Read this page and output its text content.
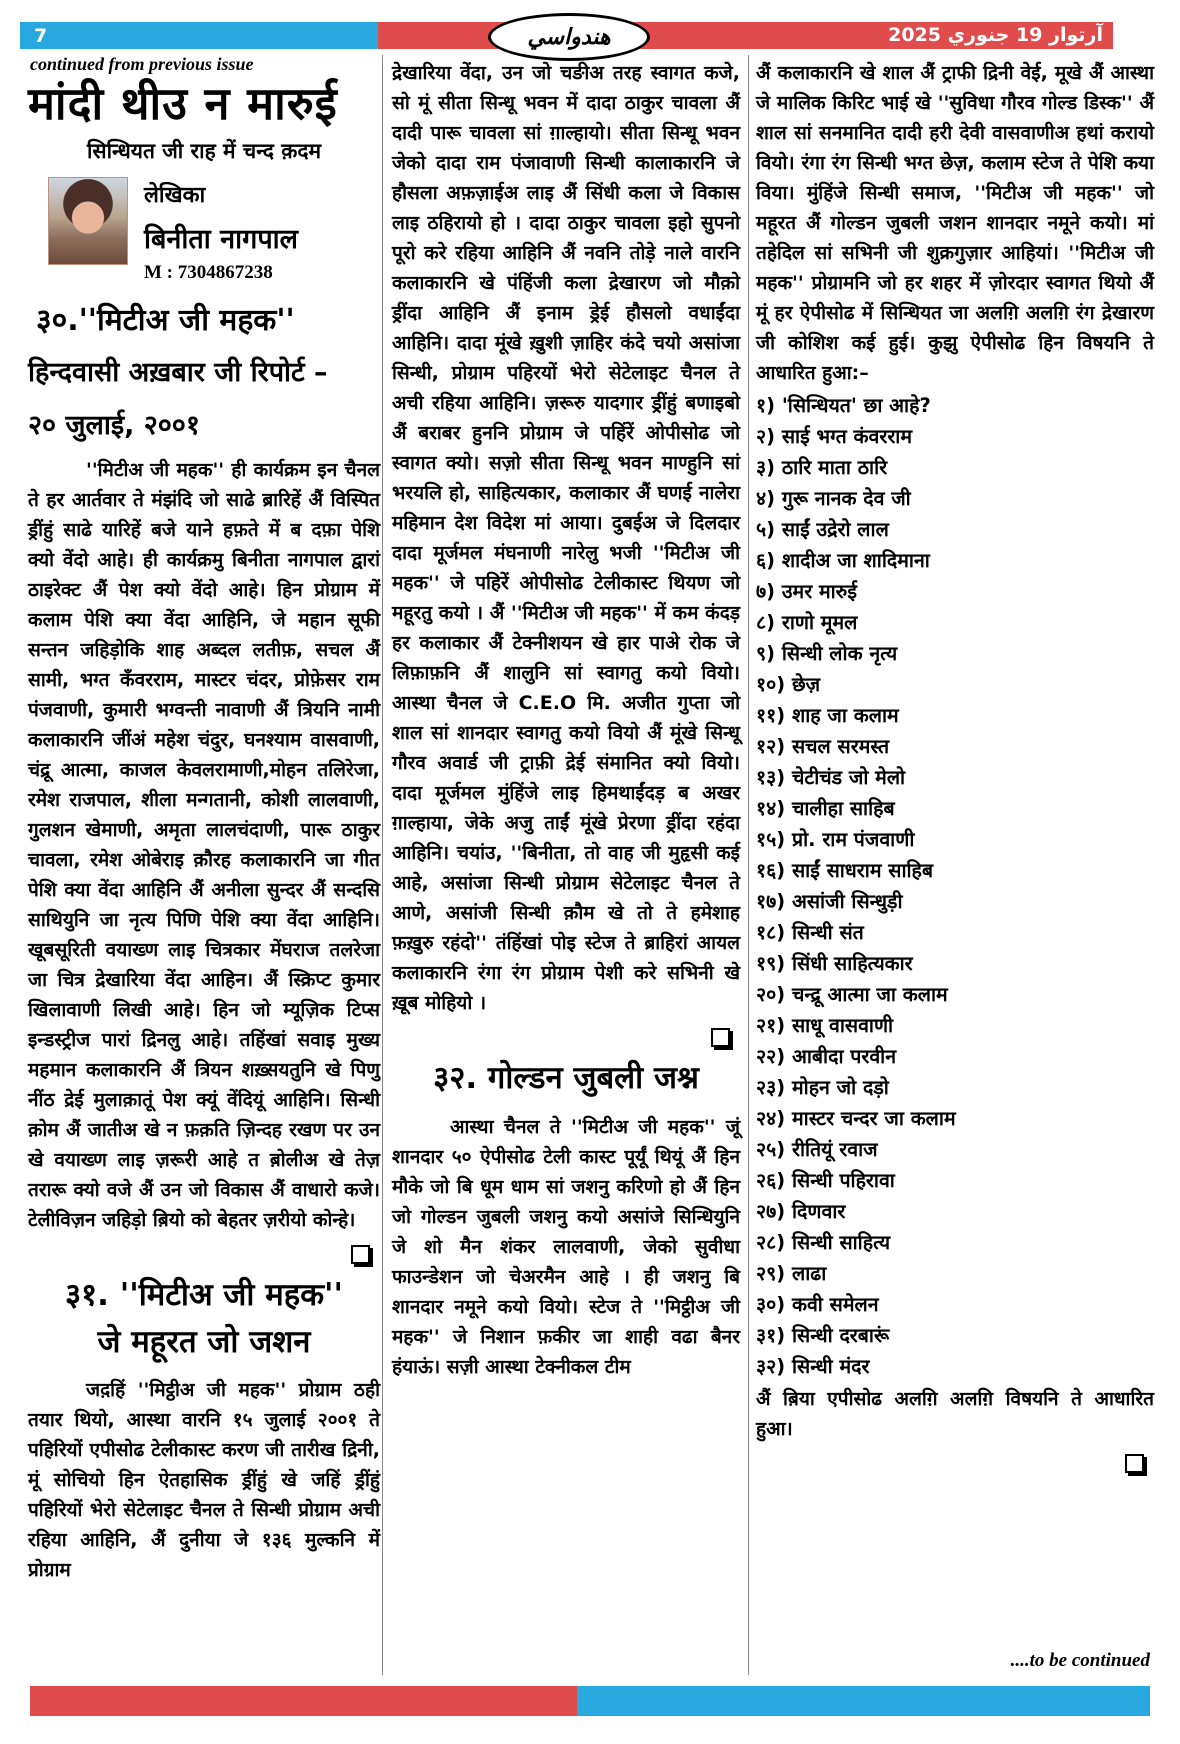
7	آرتوار 19 جنوري 2025
هندواسي
continued from previous issue
मांदी थीउ न मारुई
सिन्धियत जी राह में चन्द क़दम
लेखिका
बिनीता नागपाल
M : 7304867238
३०.''मिटीअ जी महक''
हिन्दवासी अख़बार जी रिपोर्ट –
२० जुलाई, २००१
''मिटीअ जी महक'' ही कार्यक्रम इन चैनल ते हर आर्तवार ते मंझंदि जो साढे ब्रारिहें अैं विस्पित ड्रींहुं साढे यारिहें बजे याने हफ़ते में ब दफ़ा पेशि क्यो वेंदो आहे। ही कार्यक्रमु बिनीता नागपाल द्वारां ठाइरेक्ट अैं पेश क्यो वेंदो आहे। हिन प्रोग्राम में कलाम पेशि क्या वेंदा आहिनि, जे महान सूफी सन्तन जहिड़ोकि शाह अब्दल लतीफ़, सचल अैं सामी, भग्त कॅंवरराम, मास्टर चंदर, प्रोफ़ेसर राम पंजवाणी, कुमारी भग्वन्ती नावाणी अैं त्रियनि नामी कलाकारनि जींअं महेश चंदुर, घनश्याम वासवाणी, चंद्रू आत्मा, काजल केवलरामाणी,मोहन तलिरेजा, रमेश राजपाल, शीला मन्गतानी, कोशी लालवाणी, गुलशन खेमाणी, अमृता लालचंदाणी, पारू ठाकुर चावला, रमेश ओबेराइ क़ौरह कलाकारनि जा गीत पेशि क्या वेंदा आहिनि अैं अनीला सुन्दर अैं सन्दसि साथियुनि जा नृत्य पिणि पेशि क्या वेंदा आहिनि। खूबसूरिती वयाख्ण लाइ चित्रकार मेंघराज तलरेजा जा चित्र द्रेखारिया वेंदा आहिन। अैं स्क्रिप्ट कुमार खिलावाणी लिखी आहे। हिन जो म्यूज़िक टिप्स इन्डस्ट्रीज पारां द्रिनलु आहे। तहिंखां सवाइ मुख्य महमान कलाकारनि अैं त्रियन शख़्सयतुनि खे पिणु नींठ द्रेई मुलाक़ातूं पेश क्यूं वेंदियूं आहिनि। सिन्धी क़ोम अैं जातीअ खे न फ़क़ति ज़िन्दह रखण पर उन खे वयाख्ण लाइ ज़रूरी आहे त ब़ोलीअ खे तेज़ तरारू क्यो वजे अैं उन जो विकास अैं वाधारो कजे। टेलीविज़न जहिड़ो ब़ियो को बेहतर ज़रीयो कोन्हे।
३१. ''मिटीअ जी महक''
जे महूरत जो जशन
जद़हिं ''मिट्ठीअ जी महक'' प्रोग्राम ठही तयार थियो, आस्था वारनि १५ जुलाई २००१ ते पहिरियों एपीसोढ टेलीकास्ट करण जी तारीख द्रिनी, मूं सोचियो हिन ऐतहासिक ड्रींहुं खे जहिं ड्रींहुं पहिरियों भेरो सेटेलाइट चैनल ते सिन्धी प्रोग्राम अची रहिया आहिनि, अैं दुनीया जे १३६ मुल्कनि में प्रोग्राम
द्रेखारिया वेंदा, उन जो चङीअ तरह स्वागत कजे, सो मूं सीता सिन्धू भवन में दादा ठाकुर चावला अैं दादी पारू चावला सां ग़ाल्हायो। सीता सिन्धू भवन जेको दादा राम पंजावाणी सिन्धी कालाकारनि जे हौसला अफ़ज़ाईअ लाइ अैं सिंधी कला जे विकास लाइ ठहिरायो हो । दादा ठाकुर चावला इहो सुपनो पूरो करे रहिया आहिनि अैं नवनि तोड़े नाले वारनि कलाकारनि खे पंहिंजी कला द्रेखारण जो मौक़ो ड्रींदा आहिनि अैं इनाम ड्रेई हौसलो वधाईंदा आहिनि। दादा मूंखे ख़ुशी ज़ाहिर कंदे चयो असांजा सिन्धी, प्रोग्राम पहिरयों भेरो सेटेलाइट चैनल ते अची रहिया आहिनि। ज़रूरु यादगार ड्रींहुं बणाइबो अैं बराबर हुननि प्रोग्राम जे पहिंरें ओपीसोढ जो स्वागत क्यो। सज़ो सीता सिन्धू भवन माण्हुनि सां भरयलि हो, साहित्यकार, कलाकार अैं घणई नालेरा महिमान देश विदेश मां आया। दुबईअ जे दिलदार दादा मूर्जमल मंघनाणी नारेलु भजी ''मिटीअ जी महक'' जे पहिरें ओपीसोढ टेलीकास्ट थियण जो महूरतु कयो । अैं ''मिटीअ जी महक'' में कम कंदड़ हर कलाकार अैं टेक्नीशयन खे हार पाअे रोक जे लिफ़ाफ़नि अैं शालुनि सां स्वागतु कयो वियो। आस्था चैनल जे C.E.O मि. अजीत गुप्ता जो शाल सां शानदार स्वागतु कयो वियो अैं मूंखे सिन्धू गौरव अवार्ड जी ट्राफ़ी द्रेई संमानित क्यो वियो। दादा मूर्जमल मुंहिंजे लाइ हिमथाईंदड़ ब अखर ग़ाल्हाया, जेके अजु ताईं मूंखे प्रेरणा ड्रींदा रहंदा आहिनि। चयांउ, ''बिनीता, तो वाह जी मुहृसी कई आहे, असांजा सिन्धी प्रोग्राम सेटेलाइट चैनल ते आणे, असांजी सिन्धी क़ौम खे तो ते हमेशाह फ़ख़ुरु रहंदो'' तंहिंखां पोइ स्टेज ते ब्राहिरां आयल कलाकारनि रंगा रंग प्रोग्राम पेशी करे सभिनी खे ख़ूब मोहियो ।
३२. गोल्डन जुबली जश्न
आस्था चैनल ते ''मिटीअ जी महक'' जूं शानदार ५० ऐपीसोढ टेली कास्ट पूर्यूं थियूं अैं हिन मौके जो बि धूम धाम सां जशनु करिणो हो अैं हिन जो गोल्डन जुबली जशनु कयो असांजे सिन्धियुनि जे शो मैन शंकर लालवाणी, जेको सुवीधा फाउन्डेशन जो चेअरमैन आहे । ही जशनु बि शानदार नमूने कयो वियो। स्टेज ते ''मिट्ठीअ जी महक'' जे निशान फ़कीर जा शाही वढा बैनर हंयाऊं। सज़ी आस्था टेक्नीकल टीम
अैं कलाकारनि खे शाल अैं ट्राफी द्रिनी वेई, मूखे अैं आस्था जे मालिक किरिट भाई खे ''सुविधा गौरव गोल्ड डिस्क'' अैं शाल सां सनमानित दादी हरी देवी वासवाणीअ हथां करायो वियो। रंगा रंग सिन्धी भग्त छेज़, कलाम स्टेज ते पेशि कया विया। मुंहिंजे सिन्धी समाज, ''मिटीअ जी महक'' जो महूरत अैं गोल्डन जुबली जशन शानदार नमूने कयो। मां तहेदिल सां सभिनी जी शुक्रगुज़ार आहियां। ''मिटीअ जी महक'' प्रोग्रामनि जो हर शहर में ज़ोरदार स्वागत थियो अैं मूं हर ऐपीसोढ में सिन्धियत जा अलग़ि अलग़ि रंग द्रेखारण जी कोशिश कई हुई। कुझु ऐपीसोढ हिन विषयनि ते आधारित हुआ:–
१) 'सिन्धियत' छा आहे?
२) साई भग्त कंवरराम
३) ठारि माता ठारि
४) गुरू नानक देव जी
५) साईं उद्रेरो लाल
६) शादीअ जा शादिमाना
७) उमर मारुई
८) राणो मूमल
९) सिन्धी लोक नृत्य
१०) छेज़
११) शाह जा कलाम
१२) सचल सरमस्त
१३) चेटीचंड जो मेलो
१४) चालीहा साहिब
१५) प्रो. राम पंजवाणी
१६) साईं साधराम साहिब
१७) असांजी सिन्धुड़ी
१८) सिन्धी संत
१९) सिंधी साहित्यकार
२०) चन्द्रू आत्मा जा कलाम
२१) साधू वासवाणी
२२) आबीदा परवीन
२३) मोहन जो दड़ो
२४) मास्टर चन्दर जा कलाम
२५) रीतियूं रवाज
२६) सिन्धी पहिरावा
२७) दिणवार
२८) सिन्धी साहित्य
२९) लाढा
३०) कवी समेलन
३१) सिन्धी दरबारूं
३२) सिन्धी मंदर
अैं ब़िया एपीसोढ अलग़ि अलग़ि विषयनि ते आधारित हुआ।
....to be continued
